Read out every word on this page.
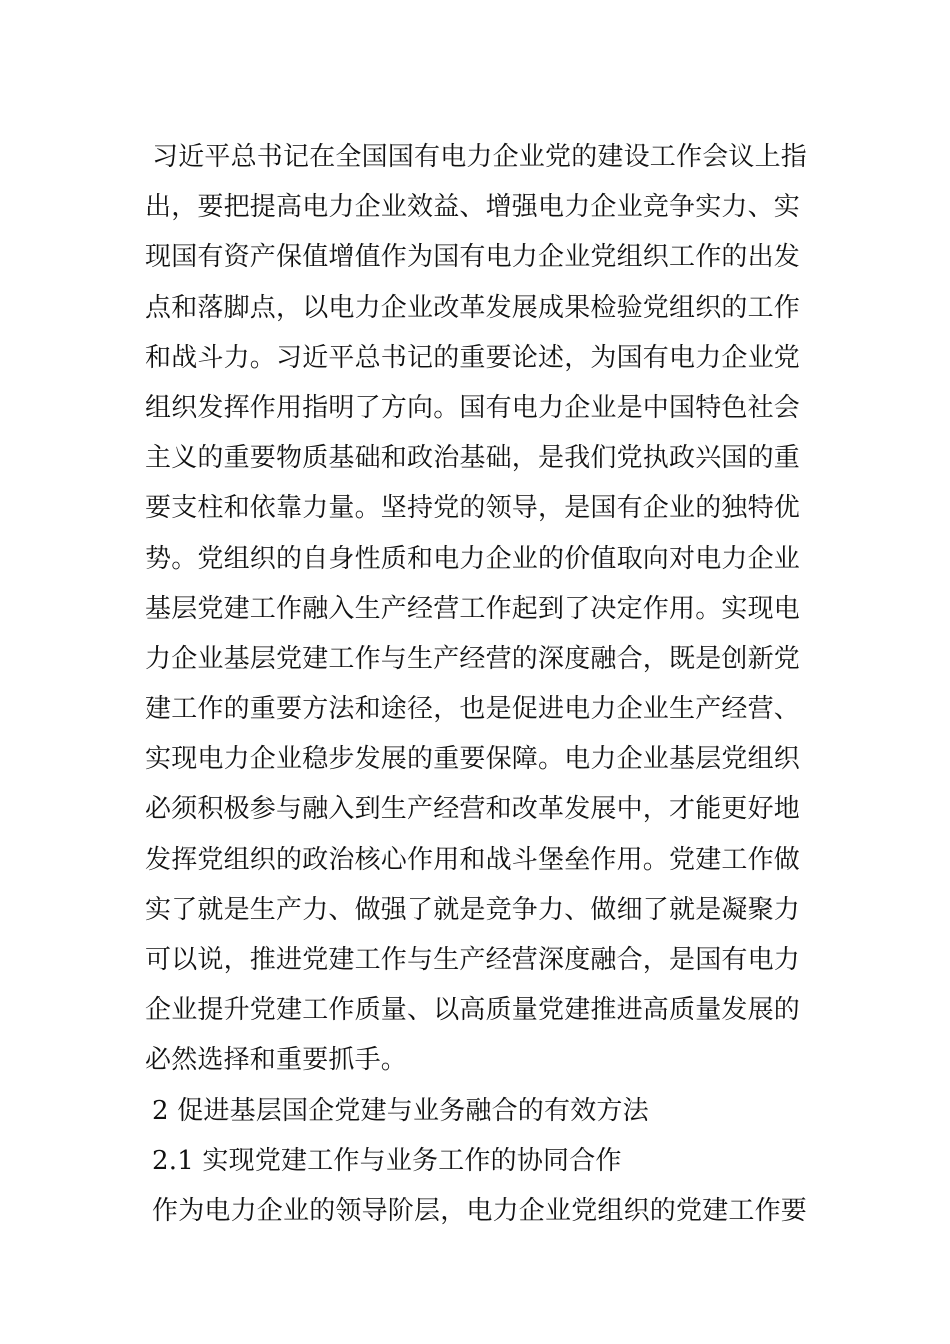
习近平总书记在全国国有电力企业党的建设工作会议上指
出，要把提高电力企业效益、增强电力企业竞争实力、实
现国有资产保值增值作为国有电力企业党组织工作的出发
点和落脚点，以电力企业改革发展成果检验党组织的工作
和战斗力。习近平总书记的重要论述，为国有电力企业党
组织发挥作用指明了方向。国有电力企业是中国特色社会
主义的重要物质基础和政治基础，是我们党执政兴国的重
要支柱和依靠力量。坚持党的领导，是国有企业的独特优
势。党组织的自身性质和电力企业的价值取向对电力企业
基层党建工作融入生产经营工作起到了决定作用。实现电
力企业基层党建工作与生产经营的深度融合，既是创新党
建工作的重要方法和途径，也是促进电力企业生产经营、
实现电力企业稳步发展的重要保障。电力企业基层党组织
必须积极参与融入到生产经营和改革发展中，才能更好地
发挥党组织的政治核心作用和战斗堡垒作用。党建工作做
实了就是生产力、做强了就是竞争力、做细了就是凝聚力
可以说，推进党建工作与生产经营深度融合，是国有电力
企业提升党建工作质量、以高质量党建推进高质量发展的
必然选择和重要抓手。
2 促进基层国企党建与业务融合的有效方法
2.1 实现党建工作与业务工作的协同合作
作为电力企业的领导阶层，电力企业党组织的党建工作要
